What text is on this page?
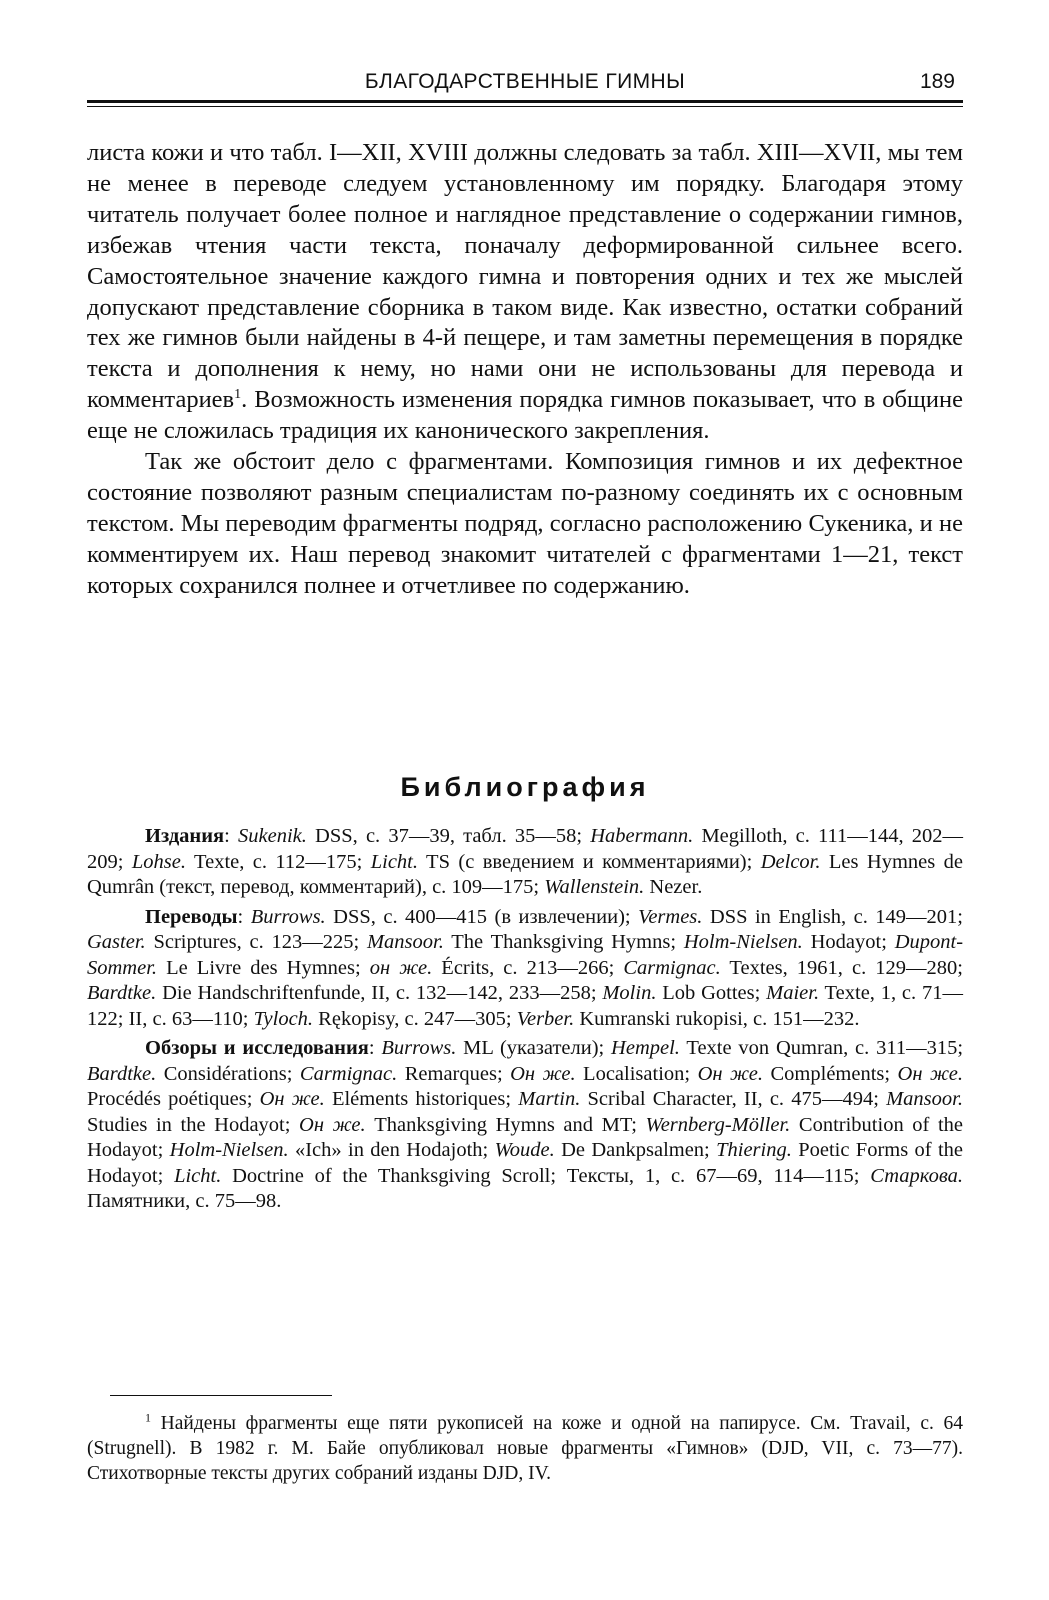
БЛАГОДАРСТВЕННЫЕ ГИМНЫ	189

листа кожи и что табл. I—XII, XVIII должны следовать за табл. XIII—XVII, мы тем не менее в переводе следуем установленному им порядку. Благодаря этому читатель получает более полное и наглядное представление о содержании гимнов, избежав чтения части текста, поначалу деформированной сильнее всего. Самостоятельное значение каждого гимна и повторения одних и тех же мыслей допускают представление сборника в таком виде. Как известно, остатки собраний тех же гимнов были найдены в 4-й пещере, и там заметны перемещения в порядке текста и дополнения к нему, но нами они не использованы для перевода и комментариев$^1$. Возможность изменения порядка гимнов показывает, что в общине еще не сложилась традиция их канонического закрепления.

Так же обстоит дело с фрагментами. Композиция гимнов и их дефектное состояние позволяют разным специалистам по-разному соединять их с основным текстом. Мы переводим фрагменты подряд, согласно расположению Сукеника, и не комментируем их. Наш перевод знакомит читателей с фрагментами 1—21, текст которых сохранился полнее и отчетливее по содержанию.

Библиография

Издания: Sukenik. DSS, с. 37—39, табл. 35—58; Habermann. Megilloth, с. 111—144, 202—209; Lohse. Texte, с. 112—175; Licht. TS (с введением и комментариями); Delcor. Les Hymnes de Qumrân (текст, перевод, комментарий), с. 109—175; Wallenstein. Nezer.

Переводы: Burrows. DSS, с. 400—415 (в извлечении); Vermes. DSS in English, с. 149—201; Gaster. Scriptures, с. 123—225; Mansoor. The Thanksgiving Hymns; Holm-Nielsen. Hodayot; Dupont-Sommer. Le Livre des Hymnes; он же. Écrits, с. 213—266; Carmignac. Textes, 1961, с. 129—280; Bardtke. Die Handschriftenfunde, II, с. 132—142, 233—258; Molin. Lob Gottes; Maier. Texte, 1, с. 71—122; II, с. 63—110; Tyloch. Rękopisy, с. 247—305; Verber. Kumranski rukopisi, с. 151—232.

Обзоры и исследования: Burrows. ML (указатели); Hempel. Texte von Qumran, с. 311—315; Bardtke. Considérations; Carmignac. Remarques; Он же. Localisation; Он же. Compléments; Он же. Procédés poétiques; Он же. Eléments historiques; Martin. Scribal Character, II, с. 475—494; Mansoor. Studies in the Hodayot; Он же. Thanksgiving Hymns and MT; Wernberg-Möller. Contribution of the Hodayot; Holm-Nielsen. «Ich» in den Hodajoth; Woude. De Dankpsalmen; Thiering. Poetic Forms of the Hodayot; Licht. Doctrine of the Thanksgiving Scroll; Тексты, 1, с. 67—69, 114—115; Старкова. Памятники, с. 75—98.

$^1$ Найдены фрагменты еще пяти рукописей на коже и одной на папирусе. См. Travail, с. 64 (Strugnell). В 1982 г. М. Байе опубликовал новые фрагменты «Гимнов» (DJD, VII, с. 73—77). Стихотворные тексты других собраний изданы DJD, IV.
